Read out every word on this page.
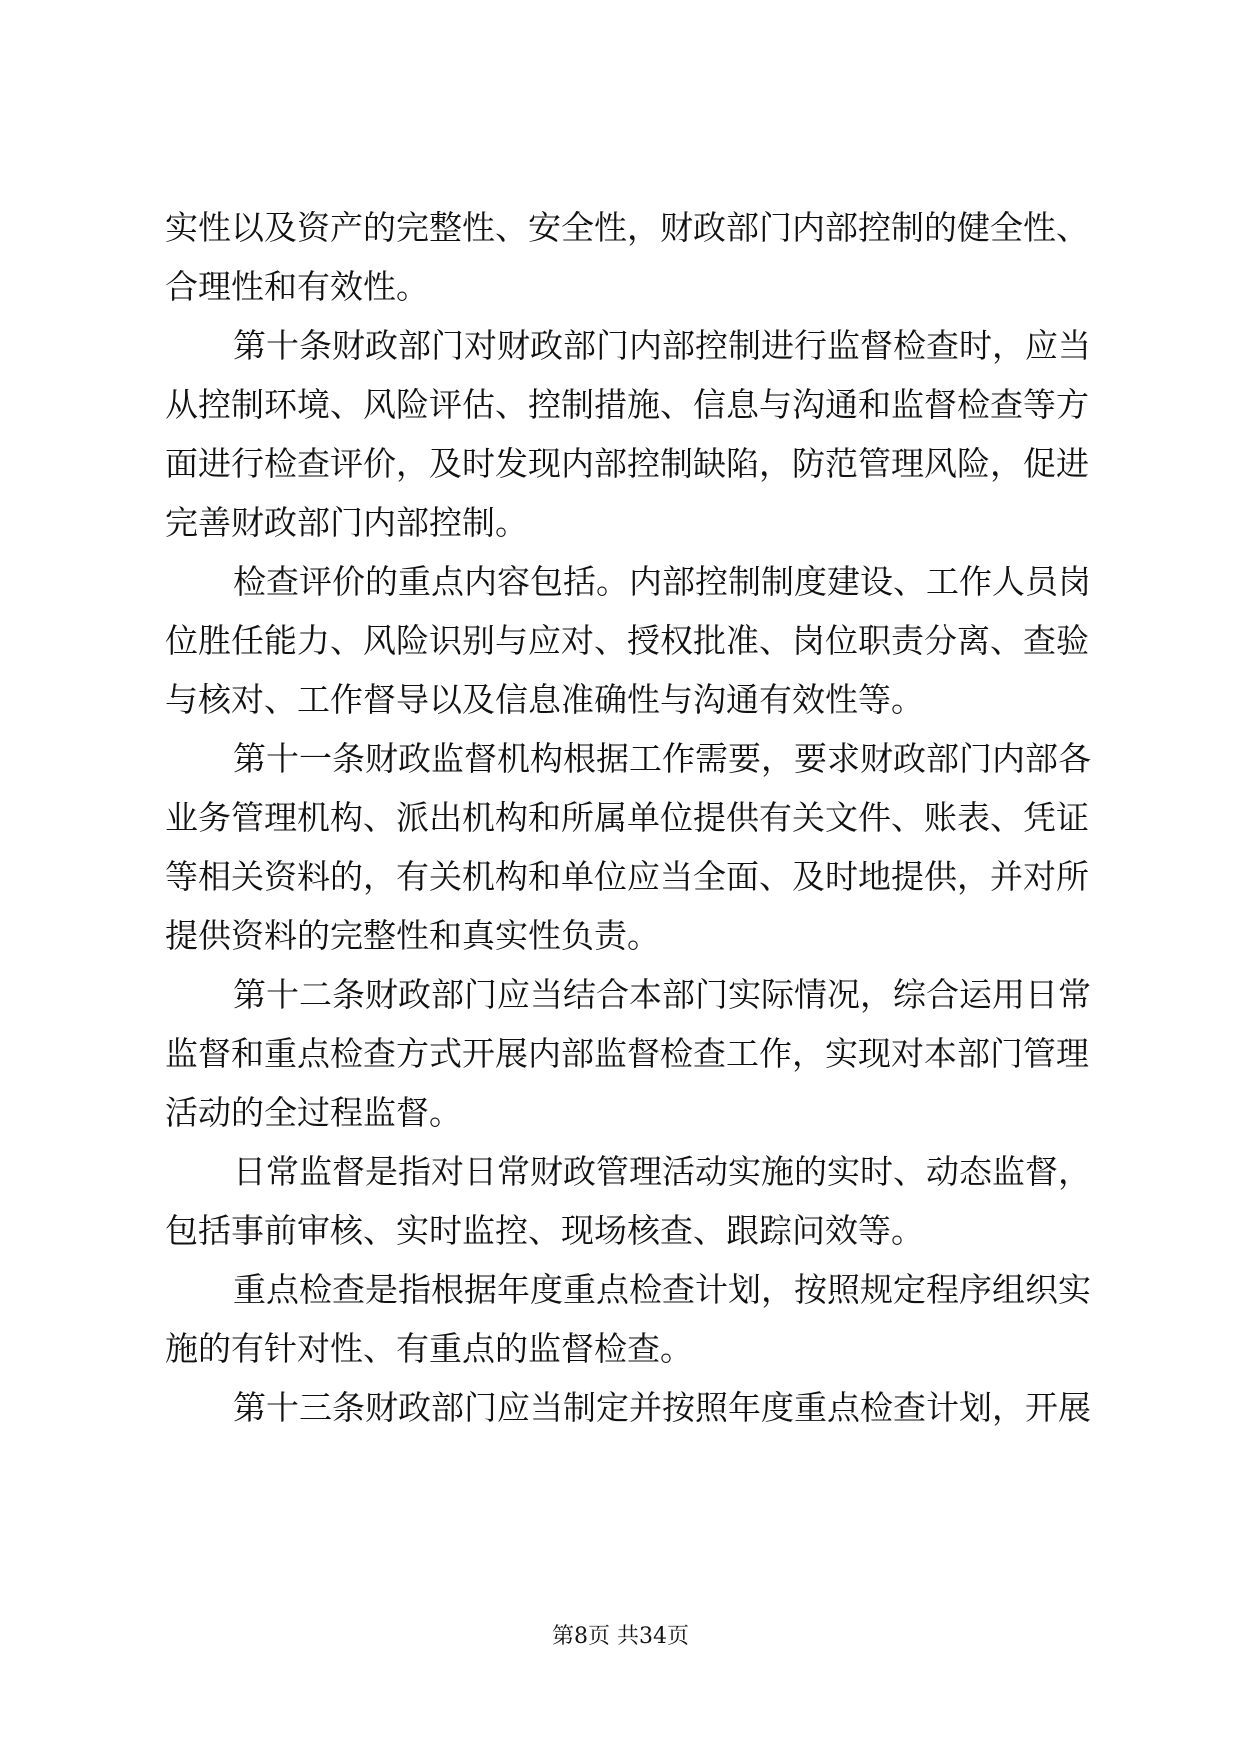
实性以及资产的完整性、安全性，财政部门内部控制的健全性、
合理性和有效性。
第十条财政部门对财政部门内部控制进行监督检查时，应当
从控制环境、风险评估、控制措施、信息与沟通和监督检查等方
面进行检查评价，及时发现内部控制缺陷，防范管理风险，促进
完善财政部门内部控制。
检查评价的重点内容包括。内部控制制度建设、工作人员岗
位胜任能力、风险识别与应对、授权批准、岗位职责分离、查验
与核对、工作督导以及信息准确性与沟通有效性等。
第十一条财政监督机构根据工作需要，要求财政部门内部各
业务管理机构、派出机构和所属单位提供有关文件、账表、凭证
等相关资料的，有关机构和单位应当全面、及时地提供，并对所
提供资料的完整性和真实性负责。
第十二条财政部门应当结合本部门实际情况，综合运用日常
监督和重点检查方式开展内部监督检查工作，实现对本部门管理
活动的全过程监督。
日常监督是指对日常财政管理活动实施的实时、动态监督，
包括事前审核、实时监控、现场核查、跟踪问效等。
重点检查是指根据年度重点检查计划，按照规定程序组织实
施的有针对性、有重点的监督检查。
第十三条财政部门应当制定并按照年度重点检查计划，开展
第8页 共34页
